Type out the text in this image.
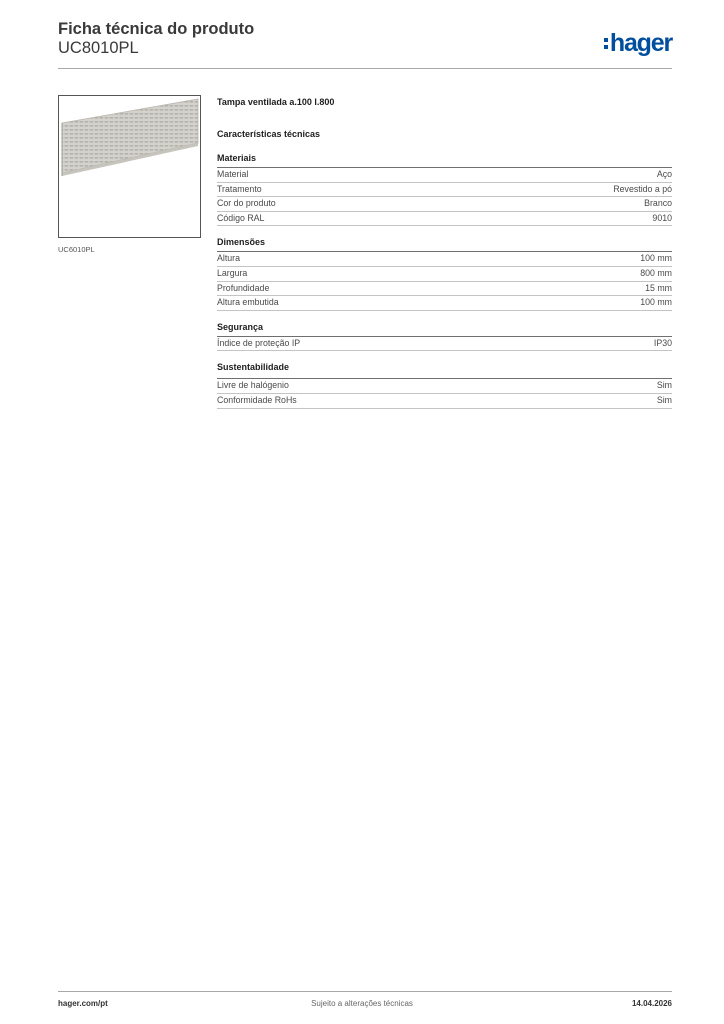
Ficha técnica do produto
UC8010PL	hager
UC6010PL
Tampa ventilada a.100 l.800
Características técnicas
Materiais
Material	Aço
Tratamento	Revestido a pó
Cor do produto	Branco
Código RAL	9010
Dimensões
Altura	100 mm
Largura	800 mm
Profundidade	15 mm
Altura embutida	100 mm
Segurança
Índice de proteção IP	IP30
Sustentabilidade
Livre de halógenio	Sim
Conformidade RoHs	Sim
hager.com/pt	Sujeito a alterações técnicas	14.04.2026
